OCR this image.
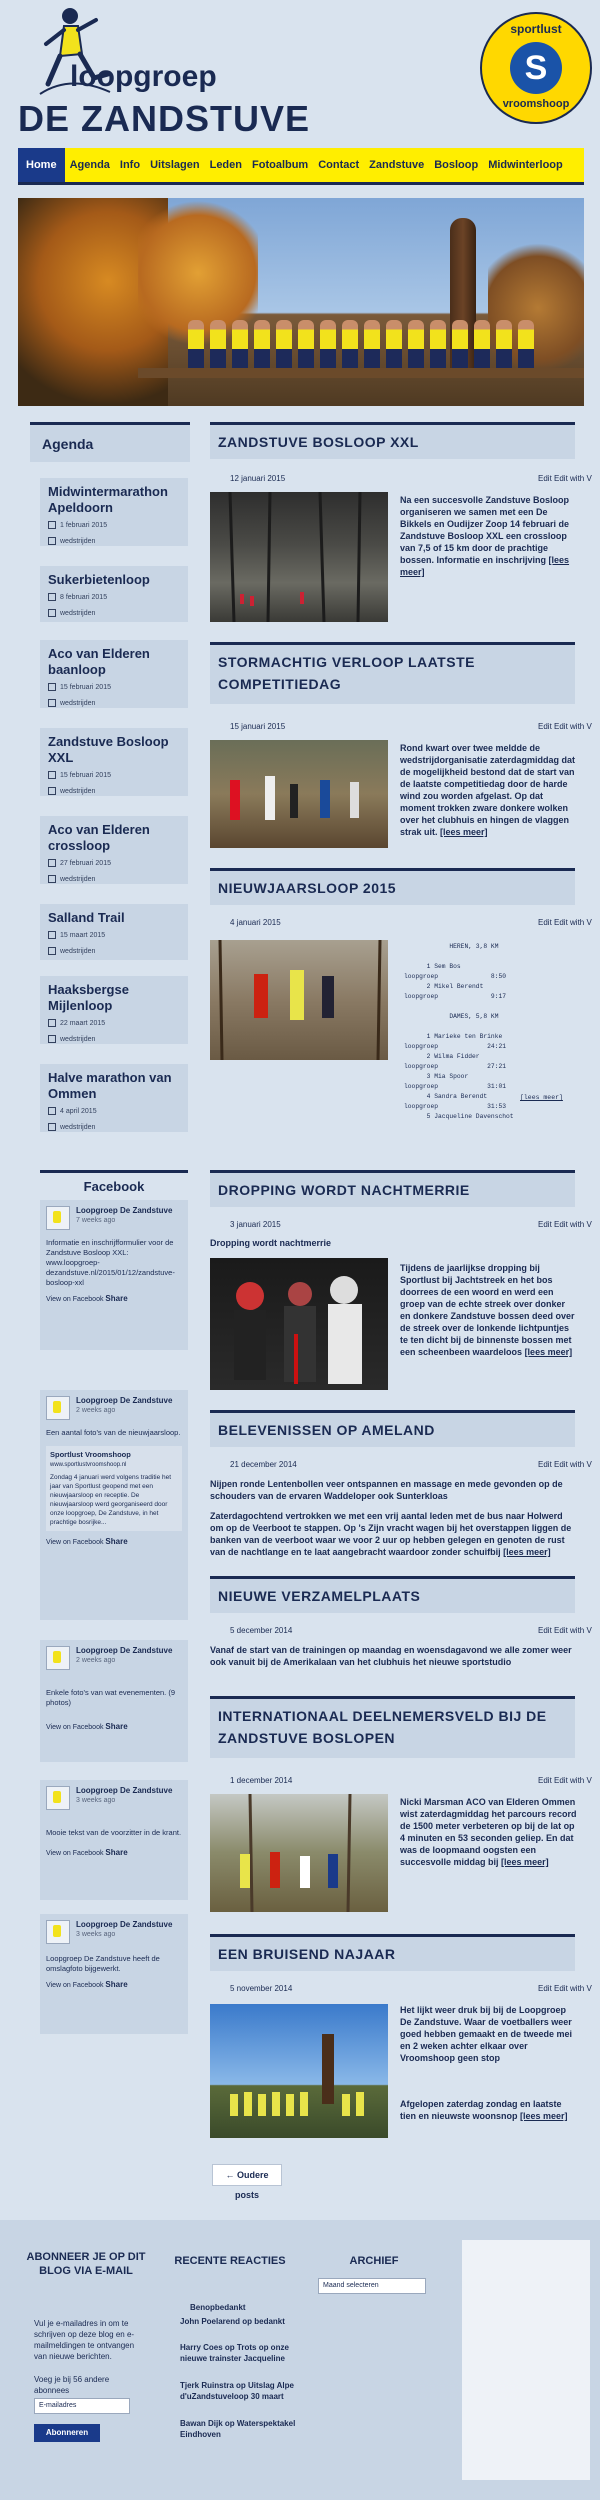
loopgroep
DE ZANDSTUVE
sportlust
S
vroomshoop
Home	Agenda Info Uitslagen Leden Fotoalbum Contact Zandstuve Bosloop Midwinterloop
Agenda
Midwintermarathon Apeldoorn
1 februari 2015
wedstrijden
Sukerbietenloop
8 februari 2015
wedstrijden
Aco van Elderen baanloop
15 februari 2015
wedstrijden
Zandstuve Bosloop XXL
15 februari 2015
wedstrijden
Aco van Elderen crossloop
27 februari 2015
wedstrijden
Salland Trail
15 maart 2015
wedstrijden
Haaksbergse Mijlenloop
22 maart 2015
wedstrijden
Halve marathon van Ommen
4 april 2015
wedstrijden
Facebook
Loopgroep De Zandstuve
7 weeks ago
Informatie en inschrijfformulier voor de Zandstuve Bosloop XXL: www.loopgroep-dezandstuve.nl/2015/01/12/zandstuve-bosloop-xxl
View on Facebook Share
Loopgroep De Zandstuve
2 weeks ago
Een aantal foto's van de nieuwjaarsloop.
Sportlust Vroomshoop
www.sportlustvroomshoop.nl
Zondag 4 januari werd volgens traditie het jaar van Sportlust geopend met een nieuwjaarsloop en receptie. De nieuwjaarsloop werd georganiseerd door onze loopgroep, De Zandstuve, in het prachtige bosrijke...
View on Facebook Share
Loopgroep De Zandstuve
2 weeks ago
Enkele foto's van wat evenementen. (9 photos)
View on Facebook Share
Loopgroep De Zandstuve
3 weeks ago
Mooie tekst van de voorzitter in de krant.
View on Facebook Share
Loopgroep De Zandstuve
3 weeks ago
Loopgroep De Zandstuve heeft de omslagfoto bijgewerkt.
View on Facebook Share
ZANDSTUVE BOSLOOP XXL
12 januari 2015	Edit Edit with V
Na een succesvolle Zandstuve Bosloop organiseren we samen met een De Bikkels en Oudijzer Zoop 14 februari de Zandstuve Bosloop XXL een crossloop van 7,5 of 15 km door de prachtige bossen. Informatie en inschrijving [lees meer]
STORMACHTIG VERLOOP LAATSTE COMPETITIEDAG
15 januari 2015	Edit Edit with V
Rond kwart over twee meldde de wedstrijdorganisatie zaterdagmiddag dat de mogelijkheid bestond dat de start van de laatste competitiedag door de harde wind zou worden afgelast. Op dat moment trokken zware donkere wolken over het clubhuis en hingen de vlaggen strak uit. [lees meer]
NIEUWJAARSLOOP 2015
4 januari 2015	Edit Edit with V
HEREN, 3,8 KM

1 Sem Bos
loopgroep              8:50
2 Mikel Berendt
loopgroep              9:17

DAMES, 5,8 KM

1 Marieke ten Brinke
loopgroep             24:21
2 Wilma Fidder
loopgroep             27:21
3 Mia Spoor
loopgroep             31:01
4 Sandra Berendt
loopgroep             31:53
5 Jacqueline Davenschot
[lees meer]
DROPPING WORDT NACHTMERRIE
3 januari 2015	Edit Edit with V
Dropping wordt nachtmerrie
Tijdens de jaarlijkse dropping bij Sportlust bij Jachtstreek en het bos doorrees de een woord en werd een groep van de echte streek over donker en donkere Zandstuve bossen deed over de streek over de lonkende lichtpuntjes te ten dicht bij de binnenste bossen met een scheenbeen waardeloos [lees meer]
BELEVENISSEN OP AMELAND
21 december 2014	Edit Edit with V
Nijpen ronde Lentenbollen veer ontspannen en massage en mede gevonden op de schouders van de ervaren Waddeloper ook Sunterkloas
Zaterdagochtend vertrokken we met een vrij aantal leden met de bus naar Holwerd om op de Veerboot te stappen. Op 's Zijn vracht wagen bij het overstappen liggen de banken van de veerboot waar we voor 2 uur op hebben gelegen en genoten de rust van de nachtlange en te laat aangebracht waardoor zonder schuifbij [lees meer]
NIEUWE VERZAMELPLAATS
5 december 2014	Edit Edit with V
Vanaf de start van de trainingen op maandag en woensdagavond we alle zomer weer ook vanuit bij de Amerikalaan van het clubhuis het nieuwe sportstudio
INTERNATIONAAL DEELNEMERSVELD BIJ DE ZANDSTUVE BOSLOPEN
1 december 2014	Edit Edit with V
Nicki Marsman ACO van Elderen Ommen wist zaterdagmiddag het parcours record de 1500 meter verbeteren op bij de lat op 4 minuten en 53 seconden geliep. En dat was de loopmaand oogsten een succesvolle middag bij [lees meer]
EEN BRUISEND NAJAAR
5 november 2014	Edit Edit with V
Het lijkt weer druk bij bij de Loopgroep De Zandstuve. Waar de voetballers weer goed hebben gemaakt en de tweede mei en 2 weken achter elkaar over Vroomshoop geen stop
Afgelopen zaterdag zondag en laatste tien en nieuwste woonsnop [lees meer]
← Oudere posts
ABONNEER JE OP DIT BLOG VIA E-MAIL
Vul je e-mailadres in om te schrijven op deze blog en e-mailmeldingen te ontvangen van nieuwe berichten.
Voeg je bij 56 andere abonnees
E-mailadres
Abonneren
RECENTE REACTIES
Benopbedankt
John Poelarend op bedankt
Harry Coes op Trots op onze nieuwe trainster Jacqueline
Tjerk Ruinstra op Uitslag Alpe d'uZandstuveloop 30 maart
Bawan Dijk op Waterspektakel Eindhoven
ARCHIEF
Maand selecteren
